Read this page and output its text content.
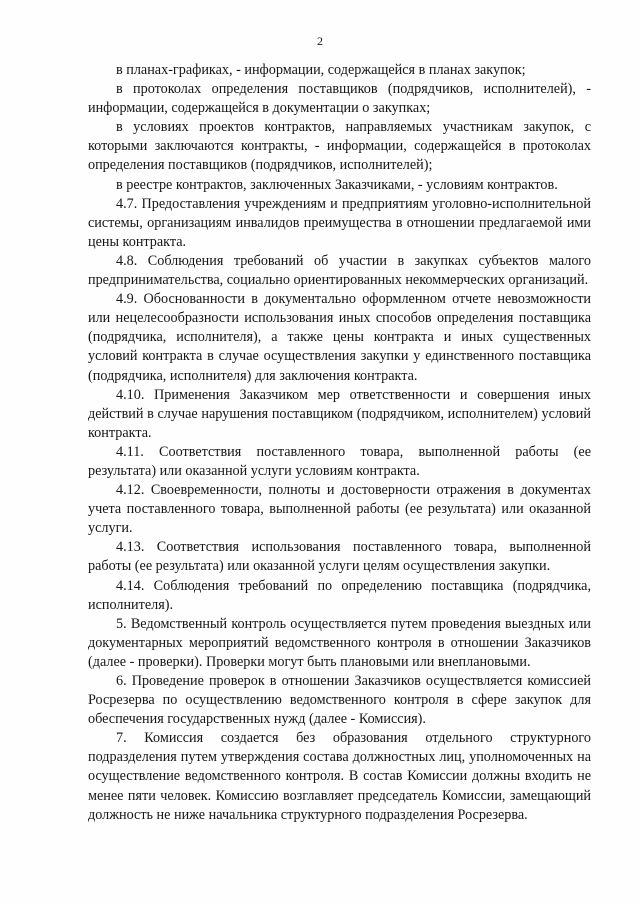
2

в планах-графиках, - информации, содержащейся в планах закупок;

в протоколах определения поставщиков (подрядчиков, исполнителей), - информации, содержащейся в документации о закупках;

в условиях проектов контрактов, направляемых участникам закупок, с которыми заключаются контракты, - информации, содержащейся в протоколах определения поставщиков (подрядчиков, исполнителей);

в реестре контрактов, заключенных Заказчиками, - условиям контрактов.

4.7. Предоставления учреждениям и предприятиям уголовно-исполнительной системы, организациям инвалидов преимущества в отношении предлагаемой ими цены контракта.

4.8. Соблюдения требований об участии в закупках субъектов малого предпринимательства, социально ориентированных некоммерческих организаций.

4.9. Обоснованности в документально оформленном отчете невозможности или нецелесообразности использования иных способов определения поставщика (подрядчика, исполнителя), а также цены контракта и иных существенных условий контракта в случае осуществления закупки у единственного поставщика (подрядчика, исполнителя) для заключения контракта.

4.10. Применения Заказчиком мер ответственности и совершения иных действий в случае нарушения поставщиком (подрядчиком, исполнителем) условий контракта.

4.11. Соответствия поставленного товара, выполненной работы (ее результата) или оказанной услуги условиям контракта.

4.12. Своевременности, полноты и достоверности отражения в документах учета поставленного товара, выполненной работы (ее результата) или оказанной услуги.

4.13. Соответствия использования поставленного товара, выполненной работы (ее результата) или оказанной услуги целям осуществления закупки.

4.14. Соблюдения требований по определению поставщика (подрядчика, исполнителя).

5. Ведомственный контроль осуществляется путем проведения выездных или документарных мероприятий ведомственного контроля в отношении Заказчиков (далее - проверки). Проверки могут быть плановыми или внеплановыми.

6. Проведение проверок в отношении Заказчиков осуществляется комиссией Росрезерва по осуществлению ведомственного контроля в сфере закупок для обеспечения государственных нужд (далее - Комиссия).

7. Комиссия создается без образования отдельного структурного подразделения путем утверждения состава должностных лиц, уполномоченных на осуществление ведомственного контроля. В состав Комиссии должны входить не менее пяти человек. Комиссию возглавляет председатель Комиссии, замещающий должность не ниже начальника структурного подразделения Росрезерва.
